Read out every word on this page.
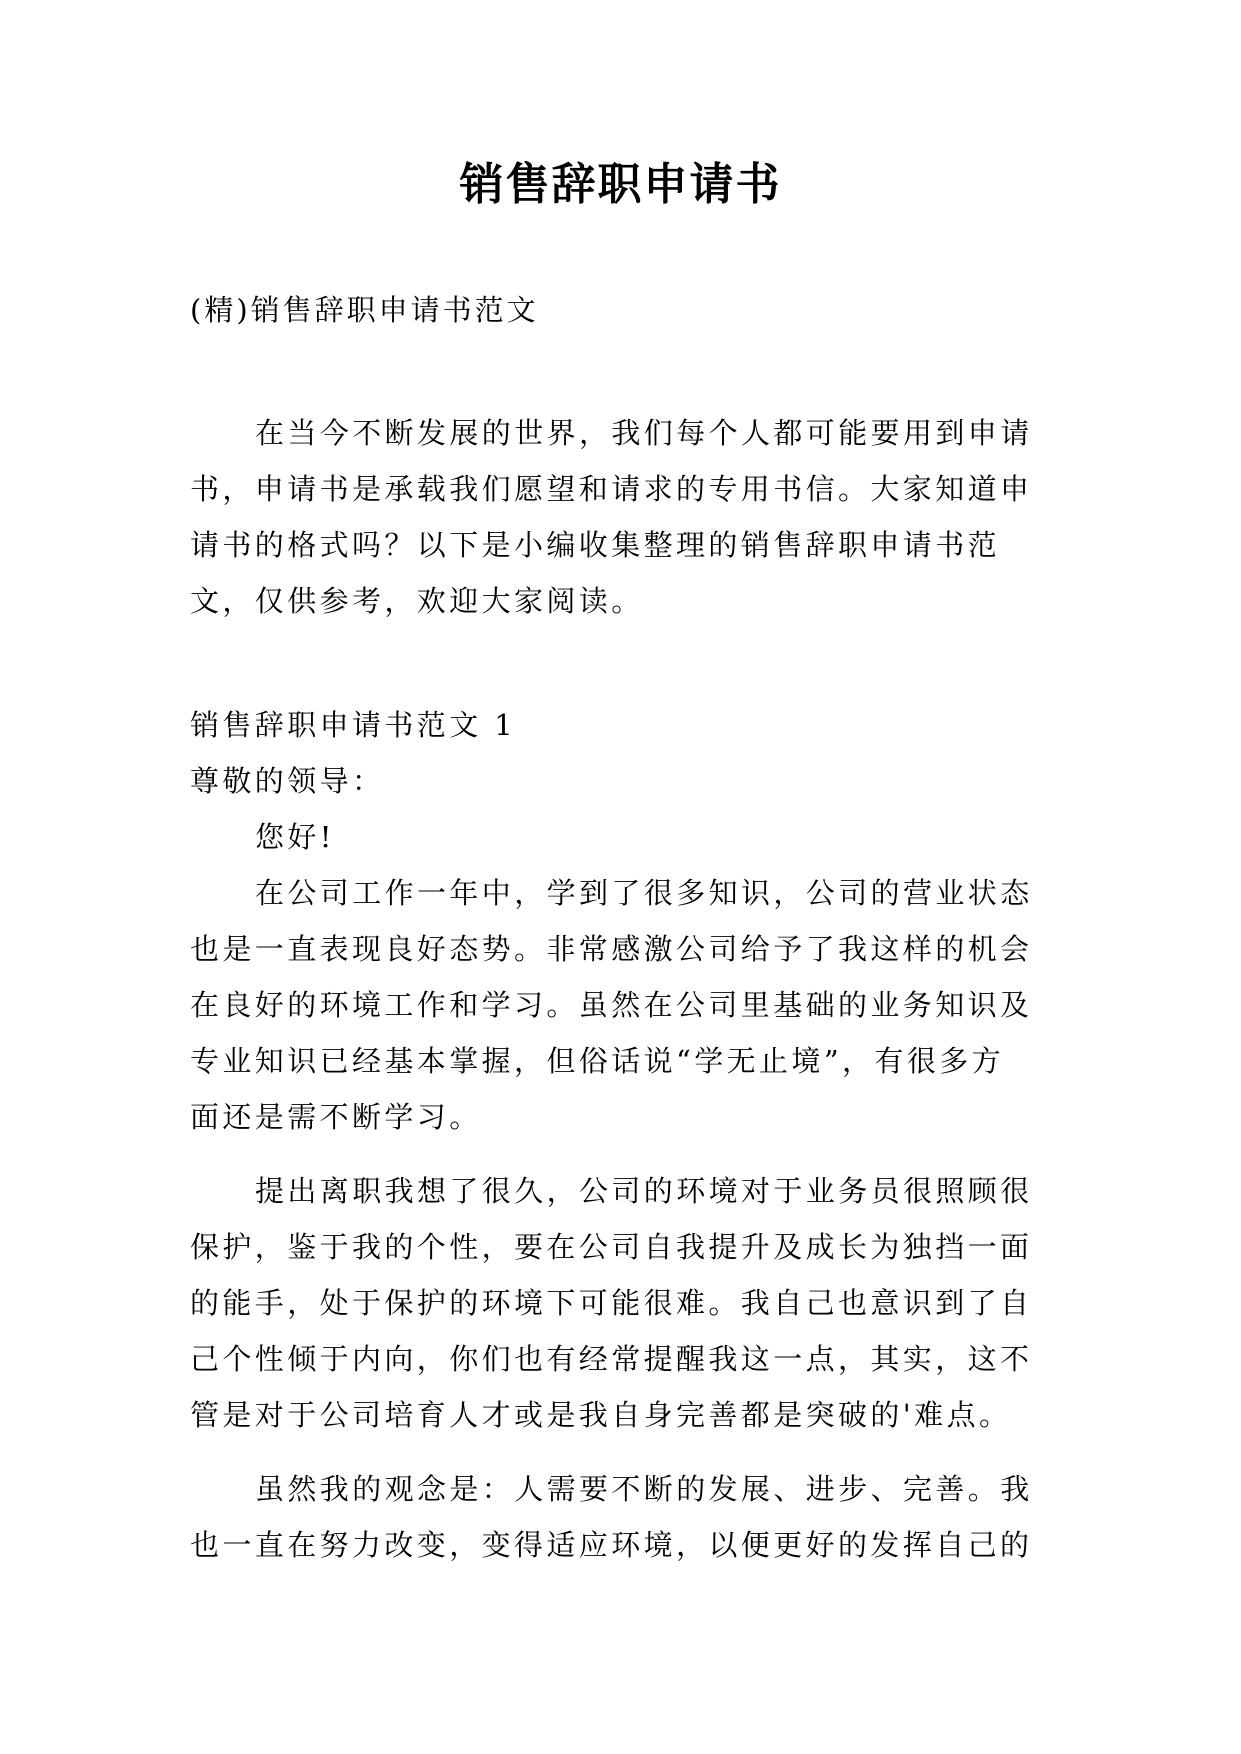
销售辞职申请书
(精)销售辞职申请书范文
在当今不断发展的世界，我们每个人都可能要用到申请
书，申请书是承载我们愿望和请求的专用书信。大家知道申
请书的格式吗？以下是小编收集整理的销售辞职申请书范
文，仅供参考，欢迎大家阅读。
销售辞职申请书范文 1
尊敬的领导：
您好!
在公司工作一年中，学到了很多知识，公司的营业状态
也是一直表现良好态势。非常感激公司给予了我这样的机会
在良好的环境工作和学习。虽然在公司里基础的业务知识及
专业知识已经基本掌握，但俗话说“学无止境”，有很多方
面还是需不断学习。
提出离职我想了很久，公司的环境对于业务员很照顾很
保护，鉴于我的个性，要在公司自我提升及成长为独挡一面
的能手，处于保护的环境下可能很难。我自己也意识到了自
己个性倾于内向，你们也有经常提醒我这一点，其实，这不
管是对于公司培育人才或是我自身完善都是突破的'难点。
虽然我的观念是：人需要不断的发展、进步、完善。我
也一直在努力改变，变得适应环境，以便更好的发挥自己的
